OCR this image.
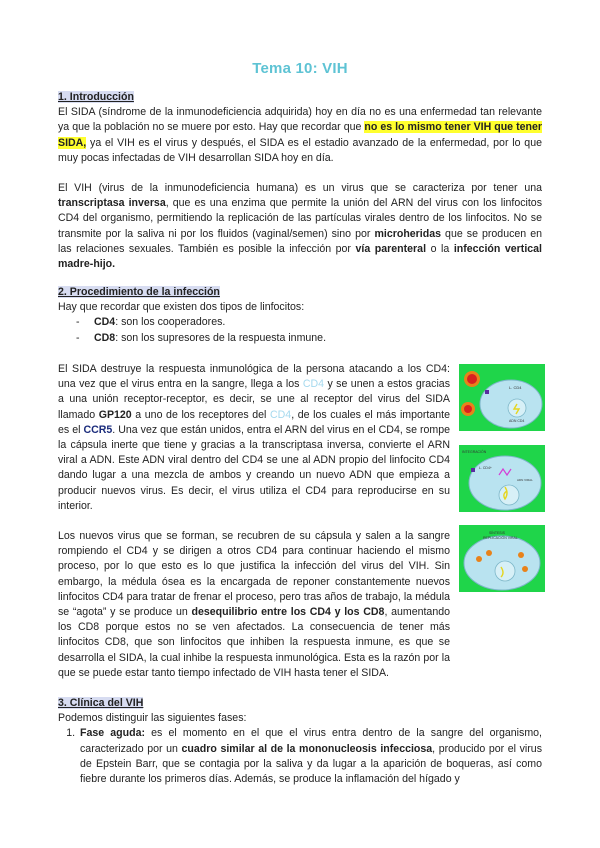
Tema 10: VIH
1. Introducción
El SIDA (síndrome de la inmunodeficiencia adquirida) hoy en día no es una enfermedad tan relevante ya que la población no se muere por esto. Hay que recordar que no es lo mismo tener VIH que tener SIDA, ya el VIH es el virus y después, el SIDA es el estadio avanzado de la enfermedad, por lo que muy pocas infectadas de VIH desarrollan SIDA hoy en día.
El VIH (virus de la inmunodeficiencia humana) es un virus que se caracteriza por tener una transcriptasa inversa, que es una enzima que permite la unión del ARN del virus con los linfocitos CD4 del organismo, permitiendo la replicación de las partículas virales dentro de los linfocitos. No se transmite por la saliva ni por los fluidos (vaginal/semen) sino por microheridas que se producen en las relaciones sexuales. También es posible la infección por vía parenteral o la infección vertical madre-hijo.
2. Procedimiento de la infección
Hay que recordar que existen dos tipos de linfocitos:
- CD4: son los cooperadores.
- CD8: son los supresores de la respuesta inmune.
El SIDA destruye la respuesta inmunológica de la persona atacando a los CD4: una vez que el virus entra en la sangre, llega a los CD4 y se unen a estos gracias a una unión receptor-receptor, es decir, se une al receptor del virus del SIDA llamado GP120 a uno de los receptores del CD4, de los cuales el más importante es el CCR5. Una vez que están unidos, entra el ARN del virus en el CD4, se rompe la cápsula inerte que tiene y gracias a la transcriptasa inversa, convierte el ARN viral a ADN. Este ADN viral dentro del CD4 se une al ADN propio del linfocito CD4 dando lugar a una mezcla de ambos y creando un nuevo ADN que empieza a producir nuevos virus. Es decir, el virus utiliza el CD4 para reproducirse en su interior.
Los nuevos virus que se forman, se recubren de su cápsula y salen a la sangre rompiendo el CD4 y se dirigen a otros CD4 para continuar haciendo el mismo proceso, por lo que esto es lo que justifica la infección del virus del VIH. Sin embargo, la médula ósea es la encargada de reponer constantemente nuevos linfocitos CD4 para tratar de frenar el proceso, pero tras años de trabajo, la médula se “agota” y se produce un desequilibrio entre los CD4 y los CD8, aumentando los CD8 porque estos no se ven afectados. La consecuencia de tener más linfocitos CD8, que son linfocitos que inhiben la respuesta inmune, es que se desarrolla el SIDA, la cual inhibe la respuesta inmunológica. Esta es la razón por la que se puede estar tanto tiempo infectado de VIH hasta tener el SIDA.
L. CD4
ADN CD4
INTEGRACIÓN
L. CD4+
ADN VIRAL
SÍNTESIS
REPLICACIÓN VIRAL
3. Clínica del VIH
Podemos distinguir las siguientes fases:
1. Fase aguda: es el momento en el que el virus entra dentro de la sangre del organismo, caracterizado por un cuadro similar al de la mononucleosis infecciosa, producido por el virus de Epstein Barr, que se contagia por la saliva y da lugar a la aparición de boqueras, así como fiebre durante los primeros días. Además, se produce la inflamación del hígado y
